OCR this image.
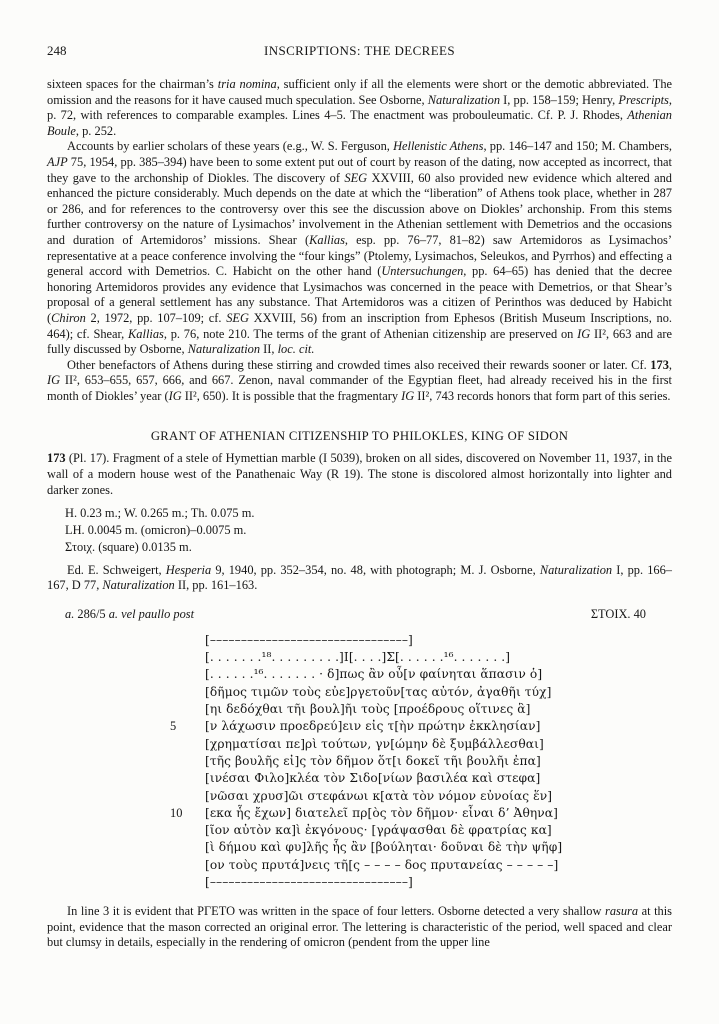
248	INSCRIPTIONS: THE DECREES

sixteen spaces for the chairman’s tria nomina, sufficient only if all the elements were short or the demotic abbreviated. The omission and the reasons for it have caused much speculation. See Osborne, Naturalization I, pp. 158–159; Henry, Prescripts, p. 72, with references to comparable examples. Lines 4–5. The enactment was probouleumatic. Cf. P. J. Rhodes, Athenian Boule, p. 252.

Accounts by earlier scholars of these years (e.g., W. S. Ferguson, Hellenistic Athens, pp. 146–147 and 150; M. Chambers, AJP 75, 1954, pp. 385–394) have been to some extent put out of court by reason of the dating, now accepted as incorrect, that they gave to the archonship of Diokles. The discovery of SEG XXVIII, 60 also provided new evidence which altered and enhanced the picture considerably. Much depends on the date at which the “liberation” of Athens took place, whether in 287 or 286, and for references to the controversy over this see the discussion above on Diokles’ archonship. From this stems further controversy on the nature of Lysimachos’ involvement in the Athenian settlement with Demetrios and the occasions and duration of Artemidoros’ missions. Shear (Kallias, esp. pp. 76–77, 81–82) saw Artemidoros as Lysimachos’ representative at a peace conference involving the “four kings” (Ptolemy, Lysimachos, Seleukos, and Pyrrhos) and effecting a general accord with Demetrios. C. Habicht on the other hand (Untersuchungen, pp. 64–65) has denied that the decree honoring Artemidoros provides any evidence that Lysimachos was concerned in the peace with Demetrios, or that Shear’s proposal of a general settlement has any substance. That Artemidoros was a citizen of Perinthos was deduced by Habicht (Chiron 2, 1972, pp. 107–109; cf. SEG XXVIII, 56) from an inscription from Ephesos (British Museum Inscriptions, no. 464); cf. Shear, Kallias, p. 76, note 210. The terms of the grant of Athenian citizenship are preserved on IG II², 663 and are fully discussed by Osborne, Naturalization II, loc. cit.

Other benefactors of Athens during these stirring and crowded times also received their rewards sooner or later. Cf. 173, IG II², 653–655, 657, 666, and 667. Zenon, naval commander of the Egyptian fleet, had already received his in the first month of Diokles’ year (IG II², 650). It is possible that the fragmentary IG II², 743 records honors that form part of this series.

GRANT OF ATHENIAN CITIZENSHIP TO PHILOKLES, KING OF SIDON

173 (Pl. 17). Fragment of a stele of Hymettian marble (I 5039), broken on all sides, discovered on November 11, 1937, in the wall of a modern house west of the Panathenaic Way (R 19). The stone is discolored almost horizontally into lighter and darker zones.

H. 0.23 m.; W. 0.265 m.; Th. 0.075 m.
LH. 0.0045 m. (omicron)–0.0075 m.
Στοιχ. (square) 0.0135 m.

Ed. E. Schweigert, Hesperia 9, 1940, pp. 352–354, no. 48, with photograph; M. J. Osborne, Naturalization I, pp. 166–167, D 77, Naturalization II, pp. 161–163.

a. 286/5 a. vel paullo post	ΣΤΟΙΧ. 40
[––––––––––––––––––––––––––––––––]
[. . . . . . .¹⁸. . . . . . . . .]Ι[. . . .]Σ[. . . . . .¹⁶. . . . . . .]
[. . . . . .¹⁶. . . . . . . · δ]πως ἂν οὖ[ν φαίνηται ἅπασιν ὁ]
[δῆμος τιμῶν τοὺς εὐε]ργετοῦν[τας αὐτόν, ἀγαθῆι τύχ]
[ηι δεδόχθαι τῆι βουλ]ῆι τοὺς [προέδρους οἵτινες ἃ]
5 [ν λάχωσιν προεδρεύ]ειν εἰς τ[ὴν πρώτην ἐκκλησίαν]
[χρηματίσαι πε]ρὶ τούτων, γν[ώμην δὲ ξυμβάλλεσθαι]
[τῆς βουλῆς εἰ]ς τὸν δῆμον ὅτ[ι δοκεῖ τῆι βουλῆι ἐπα]
[ινέσαι Φιλο]κλέα τὸν Σιδο[νίων βασιλέα καὶ στεφα]
[νῶσαι χρυσ]ῶι στεφάνωι κ[ατὰ τὸν νόμον εὐνοίας ἕν]
10 [εκα ἧς ἔχων] διατελεῖ πρ[ὸς τὸν δῆμον· εἶναι δ’ Ἀθηνα]
[ῖον αὐτὸν κα]ὶ ἐκγόνους· [γράψασθαι δὲ φρατρίας κα]
[ὶ δήμου καὶ φυ]λῆς ἧς ἂν [βούληται· δοῦναι δὲ τὴν ψῆφ]
[ον τοὺς πρυτά]νεις τῆ[ς – – – – δος πρυτανείας – – – – –]
[––––––––––––––––––––––––––––––––]

In line 3 it is evident that ΡΓΕΤΟ was written in the space of four letters. Osborne detected a very shallow rasura at this point, evidence that the mason corrected an original error. The lettering is characteristic of the period, well spaced and clear but clumsy in details, especially in the rendering of omicron (pendent from the upper line
